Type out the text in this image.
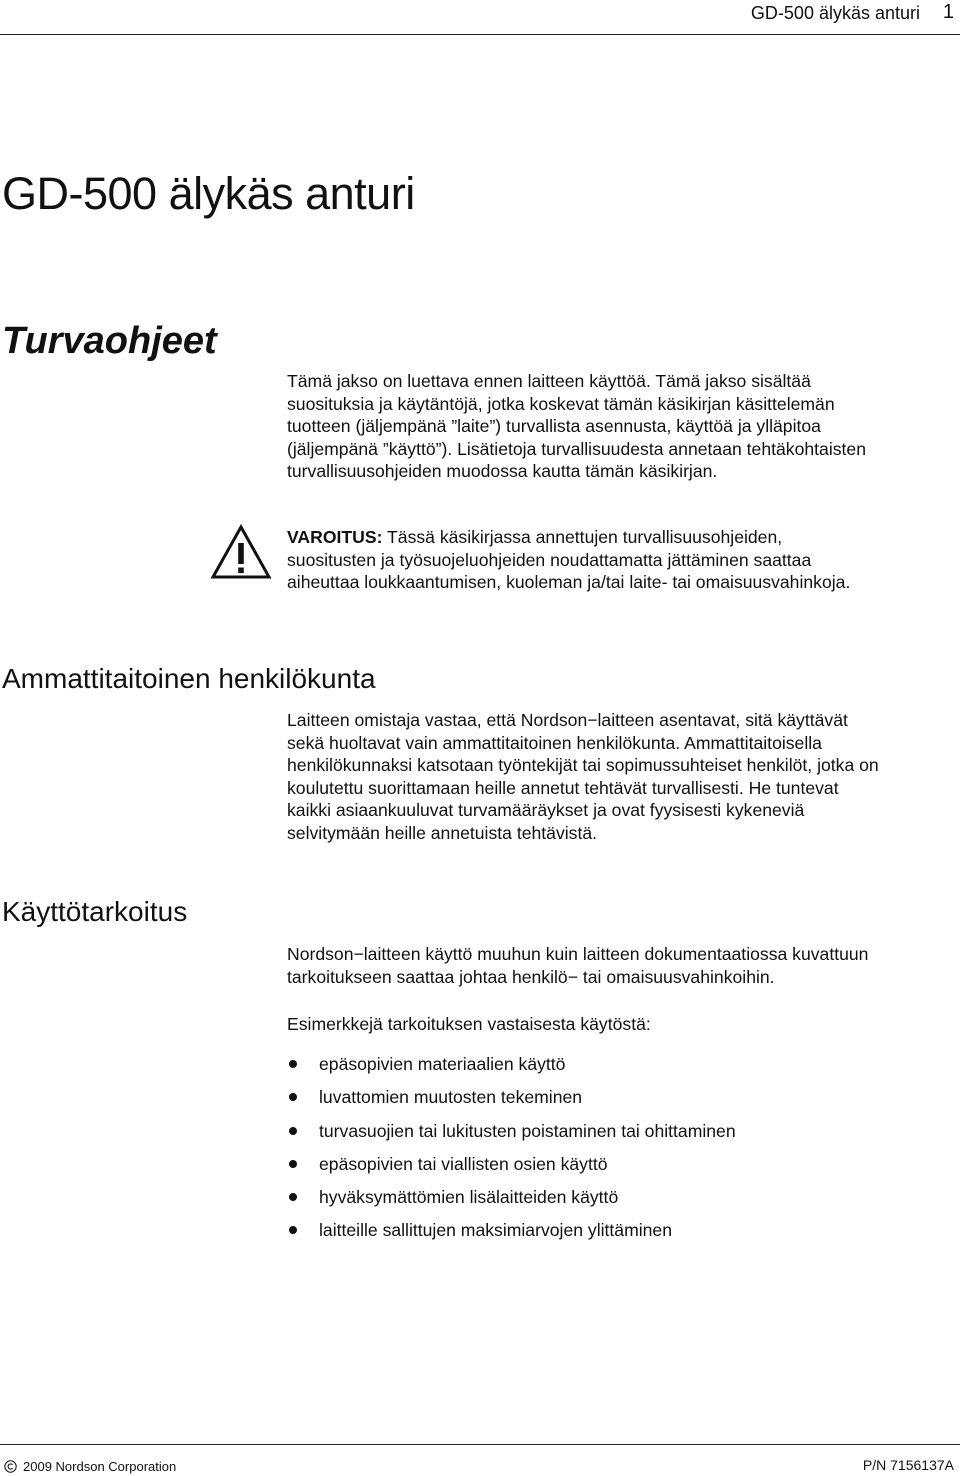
GD-500 älykäs anturi 1
GD-500 älykäs anturi
Turvaohjeet

Tämä jakso on luettava ennen laitteen käyttöä. Tämä jakso sisältää
suosituksia ja käytäntöjä, jotka koskevat tämän käsikirjan käsittelemän
tuotteen (jäljempänä ”laite”) turvallista asennusta, käyttöä ja ylläpitoa
(jäljempänä ”käyttö”). Lisätietoja turvallisuudesta annetaan tehtäkohtaisten
turvallisuusohjeiden muodossa kautta tämän käsikirjan.

VAROITUS: Tässä käsikirjassa annettujen turvallisuusohjeiden,
suositusten ja työsuojeluohjeiden noudattamatta jättäminen saattaa
aiheuttaa loukkaantumisen, kuoleman ja/tai laite- tai omaisuusvahinkoja.

Ammattitaitoinen henkilökunta

Laitteen omistaja vastaa, että Nordson−laitteen asentavat, sitä käyttävät
sekä huoltavat vain ammattitaitoinen henkilökunta. Ammattitaitoisella
henkilökunnaksi katsotaan työntekijät tai sopimussuhteiset henkilöt, jotka on
koulutettu suorittamaan heille annetut tehtävät turvallisesti. He tuntevat
kaikki asiaankuuluvat turvamääräykset ja ovat fyysisesti kykeneviä
selvitymään heille annetuista tehtävistä.

Käyttötarkoitus

Nordson−laitteen käyttö muuhun kuin laitteen dokumentaatiossa kuvattuun
tarkoitukseen saattaa johtaa henkilö− tai omaisuusvahinkoihin.

Esimerkkejä tarkoituksen vastaisesta käytöstä:

epäsopivien materiaalien käyttö
luvattomien muutosten tekeminen
turvasuojien tai lukitusten poistaminen tai ohittaminen
epäsopivien tai viallisten osien käyttö
hyväksymättömien lisälaitteiden käyttö
laitteille sallittujen maksimiarvojen ylittäminen
2009 Nordson Corporation	P/N 7156137A
